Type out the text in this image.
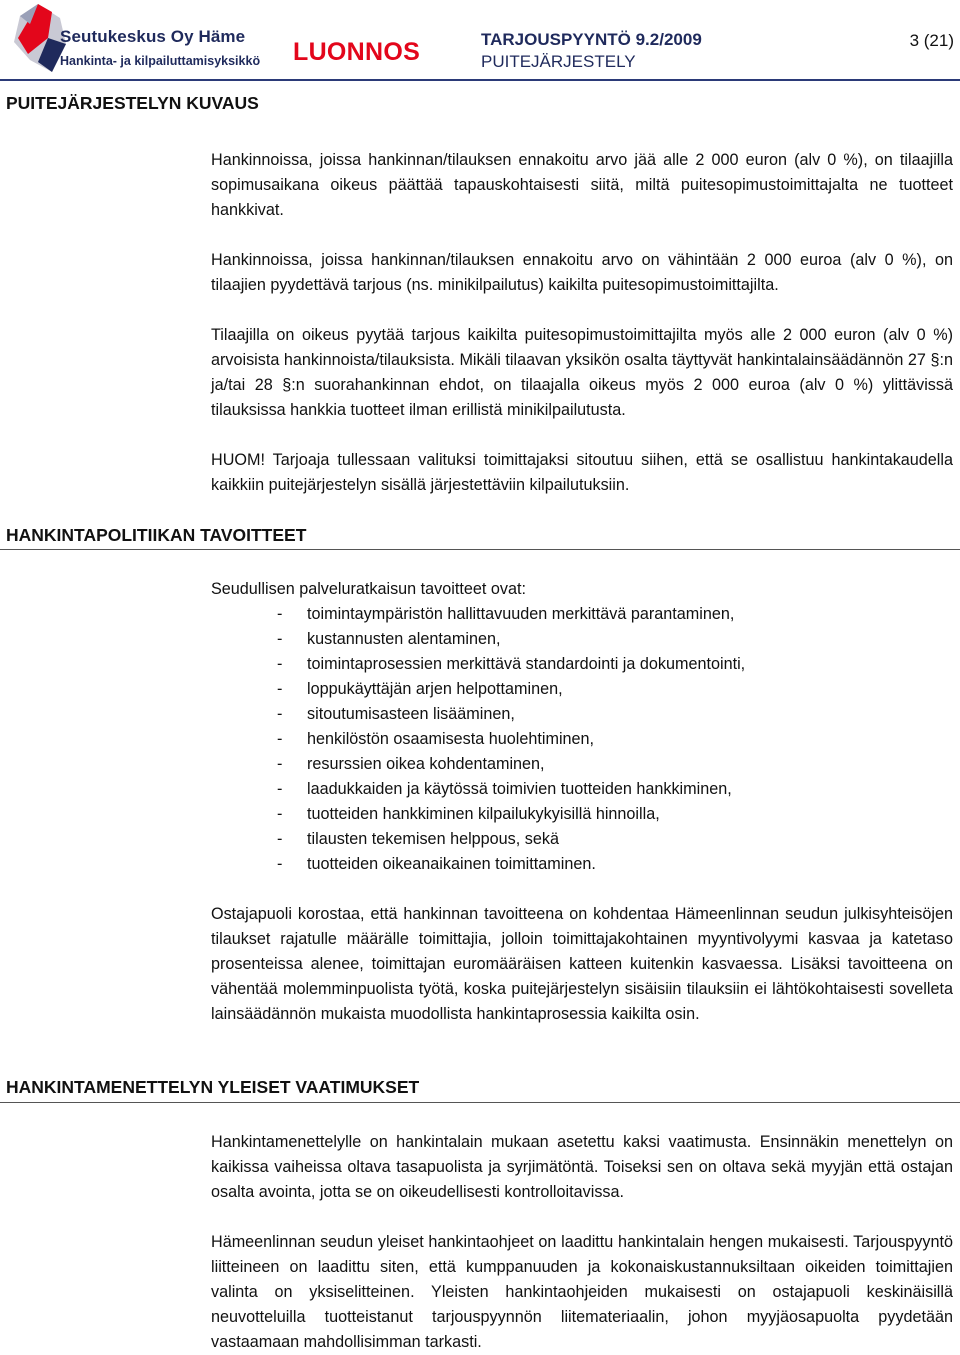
Seutukeskus Oy Häme
Hankinta- ja kilpailuttamisyksikkö LUONNOS	TARJOUSPYYNTÖ 9.2/2009
PUITEJÄRJESTELY
3 (21)
PUITEJÄRJESTELYN KUVAUS

Hankinnoissa, joissa hankinnan/tilauksen ennakoitu arvo jää alle 2 000 euron (alv 0 %), on tilaajilla sopimusaikana oikeus päättää tapauskohtaisesti siitä, miltä puitesopimustoimittajalta ne tuotteet hankkivat.

Hankinnoissa, joissa hankinnan/tilauksen ennakoitu arvo on vähintään 2 000 euroa (alv 0 %), on tilaajien pyydettävä tarjous (ns. minikilpailutus) kaikilta puitesopimustoimittajilta.

Tilaajilla on oikeus pyytää tarjous kaikilta puitesopimustoimittajilta myös alle 2 000 euron (alv 0 %) arvoisista hankinnoista/tilauksista. Mikäli tilaavan yksikön osalta täyttyvät hankintalainsäädännön 27 §:n ja/tai 28 §:n suorahankinnan ehdot, on tilaajalla oikeus myös 2 000 euroa (alv 0 %) ylittävissä tilauksissa hankkia tuotteet ilman erillistä minikilpailutusta.

HUOM! Tarjoaja tullessaan valituksi toimittajaksi sitoutuu siihen, että se osallistuu hankintakaudella kaikkiin puitejärjestelyn sisällä järjestettäviin kilpailutuksiin.

HANKINTAPOLITIIKAN TAVOITTEET

Seudullisen palveluratkaisun tavoitteet ovat:

- toimintaympäristön hallittavuuden merkittävä parantaminen,
- kustannusten alentaminen,
- toimintaprosessien merkittävä standardointi ja dokumentointi,
- loppukäyttäjän arjen helpottaminen,
- sitoutumisasteen lisääminen,
- henkilöstön osaamisesta huolehtiminen,
- resurssien oikea kohdentaminen,
- laadukkaiden ja käytössä toimivien tuotteiden hankkiminen,
- tuotteiden hankkiminen kilpailukykyisillä hinnoilla,
- tilausten tekemisen helppous, sekä
- tuotteiden oikeanaikainen toimittaminen.

Ostajapuoli korostaa, että hankinnan tavoitteena on kohdentaa Hämeenlinnan seudun julkisyhteisöjen tilaukset rajatulle määrälle toimittajia, jolloin toimittajakohtainen myyntivolyymi kasvaa ja katetaso prosenteissa alenee, toimittajan euromääräisen katteen kuitenkin kasvaessa. Lisäksi tavoitteena on vähentää molemminpuolista työtä, koska puitejärjestelyn sisäisiin tilauksiin ei lähtökohtaisesti sovelleta lainsäädännön mukaista muodollista hankintaprosessia kaikilta osin.

HANKINTAMENETTELYN YLEISET VAATIMUKSET

Hankintamenettelylle on hankintalain mukaan asetettu kaksi vaatimusta. Ensinnäkin menettelyn on kaikissa vaiheissa oltava tasapuolista ja syrjimätöntä. Toiseksi sen on oltava sekä myyjän että ostajan osalta avointa, jotta se on oikeudellisesti kontrolloitavissa.

Hämeenlinnan seudun yleiset hankintaohjeet on laadittu hankintalain hengen mukaisesti. Tarjouspyyntö liitteineen on laadittu siten, että kumppanuuden ja kokonaiskustannuksiltaan oikeiden toimittajien valinta on yksiselitteinen. Yleisten hankintaohjeiden mukaisesti on ostajapuoli keskinäisillä neuvotteluilla tuotteistanut tarjouspyynnön liitemateriaalin, johon myyjäosapuolta pyydetään vastaamaan mahdollisimman tarkasti.
